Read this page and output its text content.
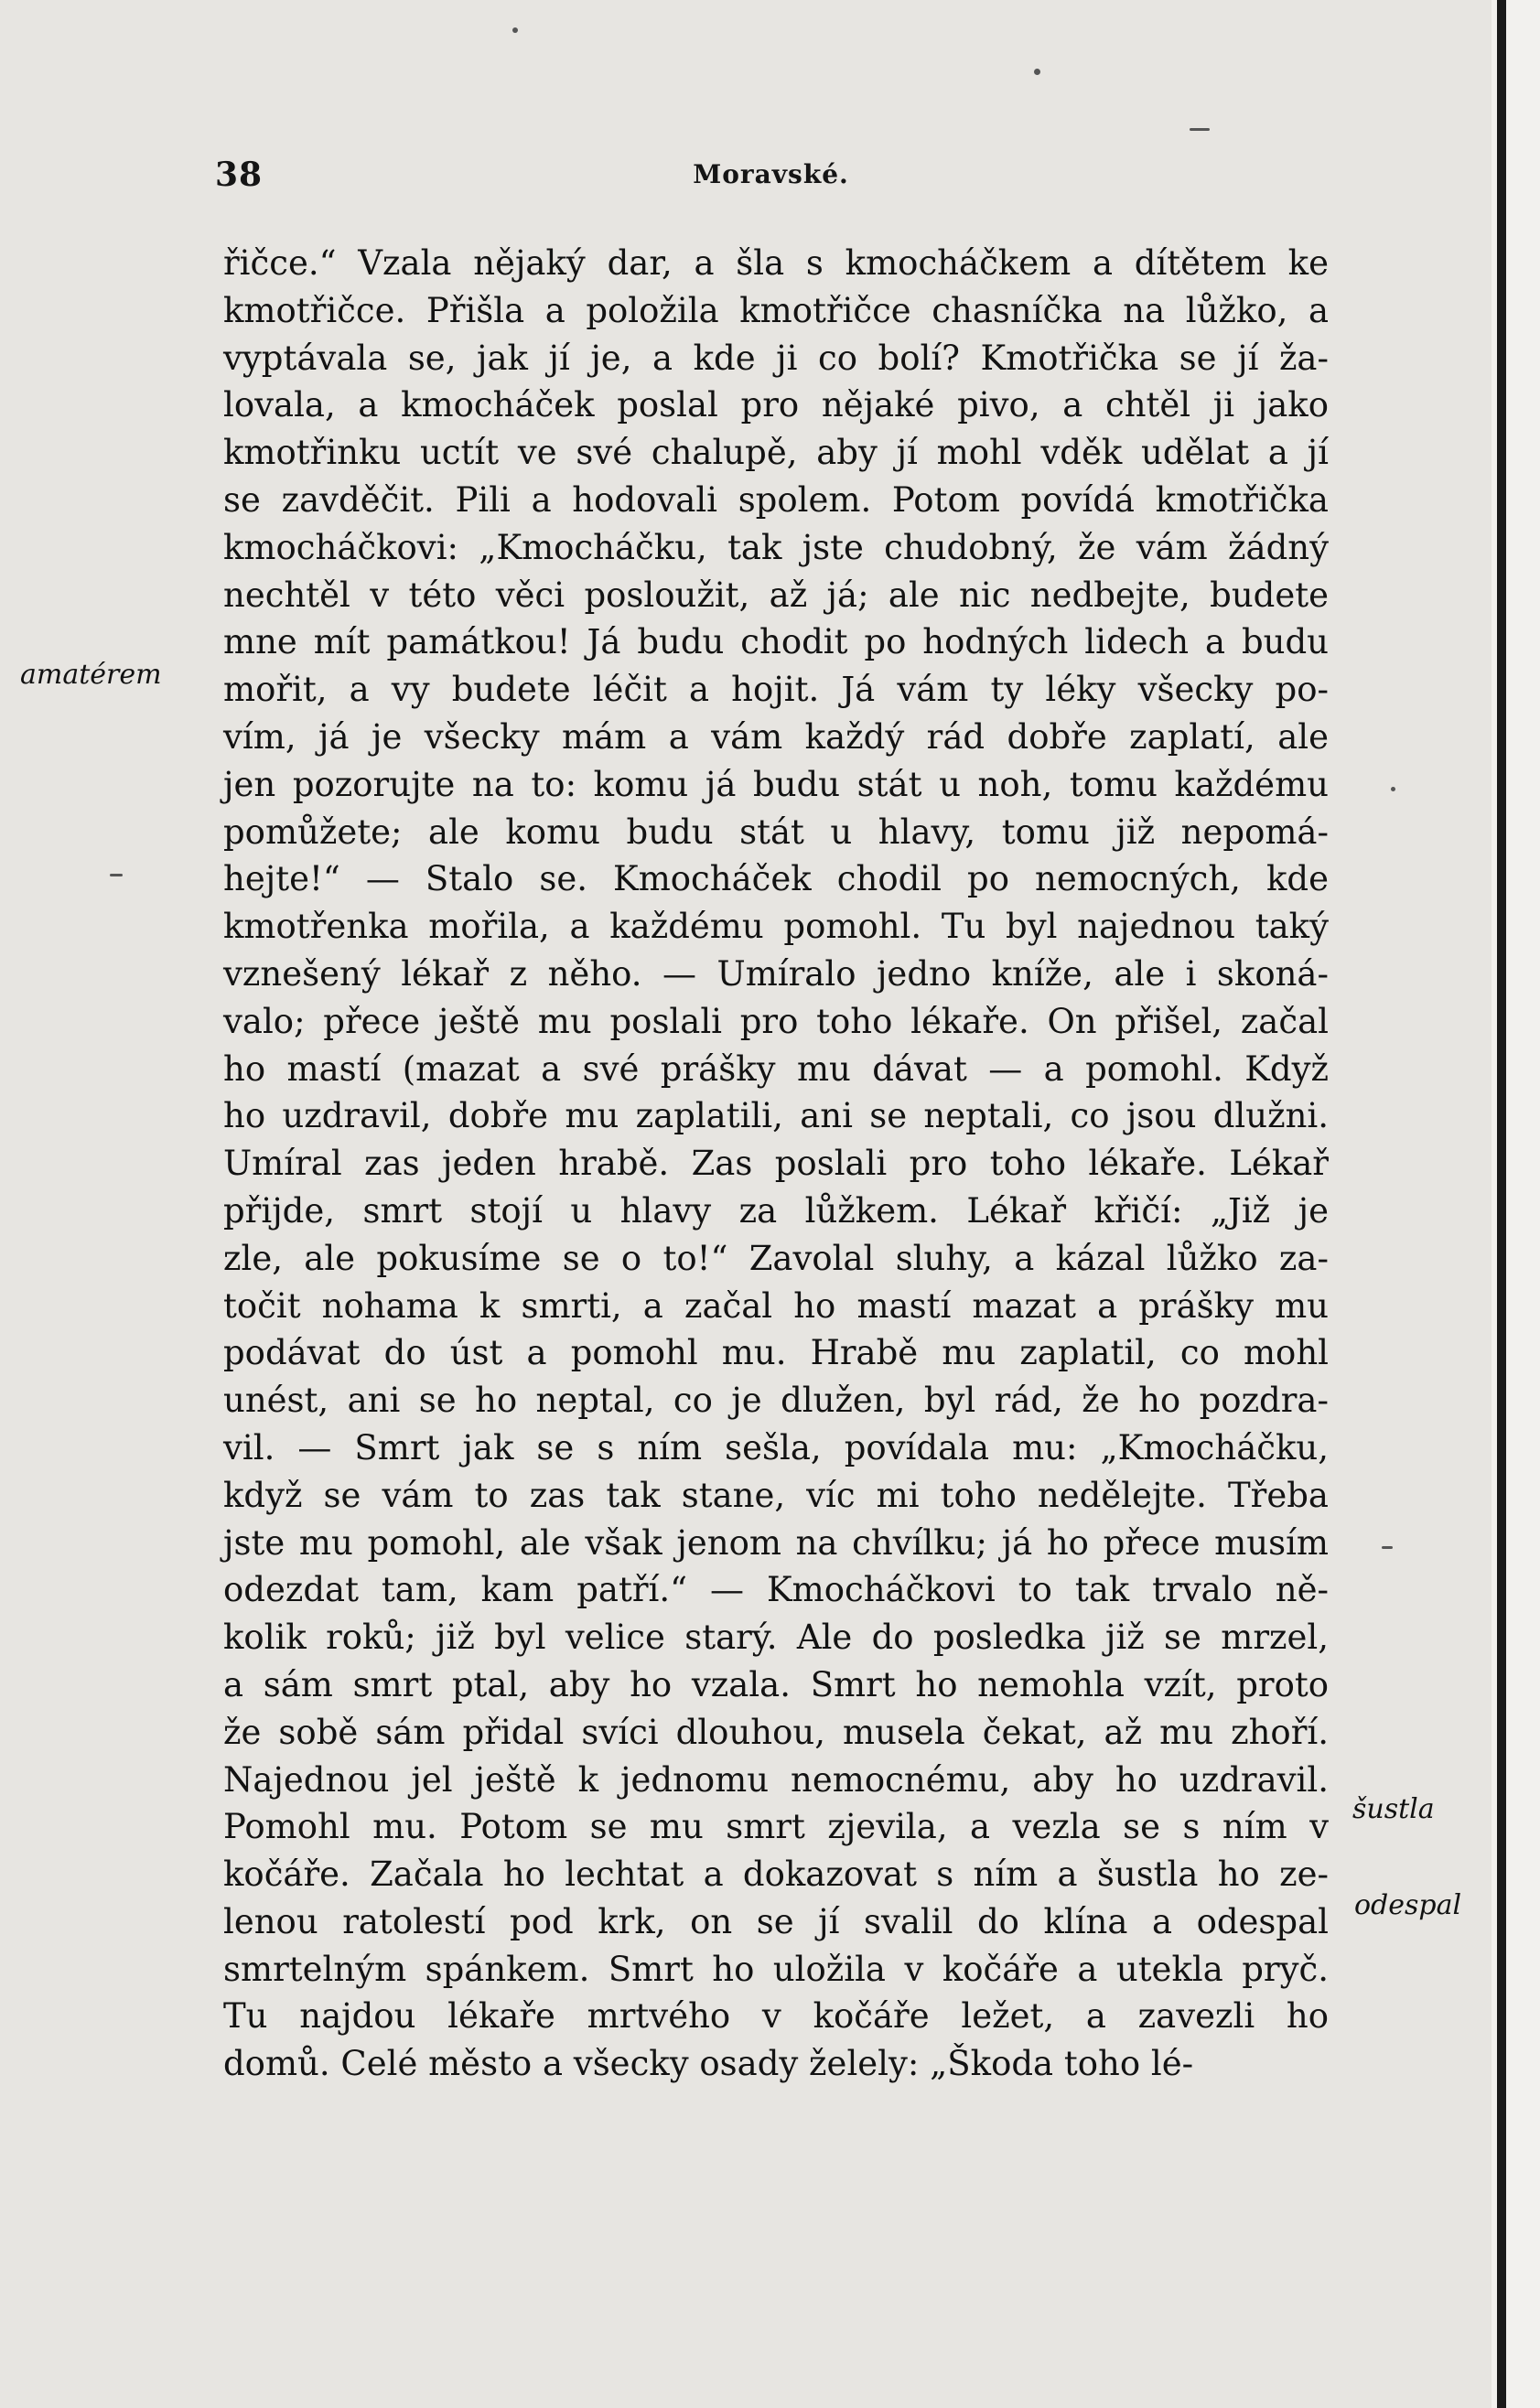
38	Moravské.
řičce.“ Vzala nějaký dar, a šla s kmocháčkem a dítětem ke
kmotřičce. Přišla a položila kmotřičce chasníčka na lůžko, a
vyptávala se, jak jí je, a kde ji co bolí? Kmotřička se jí ža-
lovala, a kmocháček poslal pro nějaké pivo, a chtěl ji jako
kmotřinku uctít ve své chalupě, aby jí mohl vděk udělat a jí
se zavděčit. Pili a hodovali spolem. Potom povídá kmotřička
kmocháčkovi: „Kmocháčku, tak jste chudobný, že vám žádný
nechtěl v této věci posloužit, až já; ale nic nedbejte, budete
mne mít památkou! Já budu chodit po hodných lidech a budu
mořit, a vy budete léčit a hojit. Já vám ty léky všecky po-
vím, já je všecky mám a vám každý rád dobře zaplatí, ale
jen pozorujte na to: komu já budu stát u noh, tomu každému
pomůžete; ale komu budu stát u hlavy, tomu již nepomá-
hejte!“ — Stalo se. Kmocháček chodil po nemocných, kde
kmotřenka mořila, a každému pomohl. Tu byl najednou taký
vznešený lékař z něho. — Umíralo jedno kníže, ale i skoná-
valo; přece ještě mu poslali pro toho lékaře. On přišel, začal
ho mastí (mazat a své prášky mu dávat — a pomohl. Když
ho uzdravil, dobře mu zaplatili, ani se neptali, co jsou dlužni.
Umíral zas jeden hrabě. Zas poslali pro toho lékaře. Lékař
přijde, smrt stojí u hlavy za lůžkem. Lékař křičí: „Již je
zle, ale pokusíme se o to!“ Zavolal sluhy, a kázal lůžko za-
točit nohama k smrti, a začal ho mastí mazat a prášky mu
podávat do úst a pomohl mu. Hrabě mu zaplatil, co mohl
unést, ani se ho neptal, co je dlužen, byl rád, že ho pozdra-
vil. — Smrt jak se s ním sešla, povídala mu: „Kmocháčku,
když se vám to zas tak stane, víc mi toho nedělejte. Třeba
jste mu pomohl, ale však jenom na chvílku; já ho přece musím
odezdat tam, kam patří.“ — Kmocháčkovi to tak trvalo ně-
kolik roků; již byl velice starý. Ale do posledka již se mrzel,
a sám smrt ptal, aby ho vzala. Smrt ho nemohla vzít, proto
že sobě sám přidal svíci dlouhou, musela čekat, až mu zhoří.
Najednou jel ještě k jednomu nemocnému, aby ho uzdravil.
Pomohl mu. Potom se mu smrt zjevila, a vezla se s ním v
kočáře. Začala ho lechtat a dokazovat s ním a šustla ho ze-
lenou ratolestí pod krk, on se jí svalil do klína a odespal
smrtelným spánkem. Smrt ho uložila v kočáře a utekla pryč.
Tu najdou lékaře mrtvého v kočáře ležet, a zavezli ho
domů. Celé město a všecky osady želely: „Škoda toho lé-
amatérem
šustla
odespal
